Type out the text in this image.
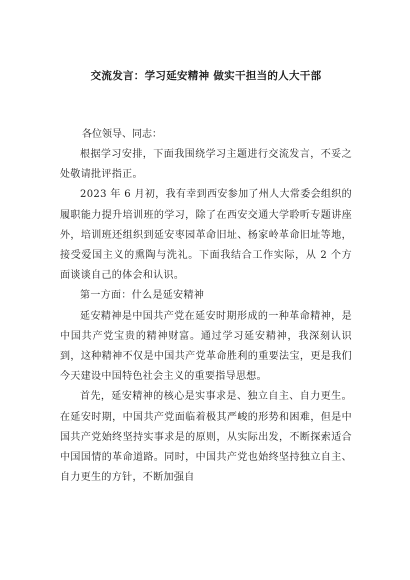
交流发言：学习延安精神 做实干担当的人大干部
各位领导、同志：

根据学习安排，下面我围绕学习主题进行交流发言，不妥之处敬请批评指正。

2023 年 6 月初，我有幸到西安参加了州人大常委会组织的履职能力提升培训班的学习，除了在西安交通大学聆听专题讲座外，培训班还组织到延安枣园革命旧址、杨家岭革命旧址等地，接受爱国主义的熏陶与洗礼。下面我结合工作实际，从 2 个方面谈谈自己的体会和认识。

第一方面：什么是延安精神

延安精神是中国共产党在延安时期形成的一种革命精神，是中国共产党宝贵的精神财富。通过学习延安精神，我深刻认识到，这种精神不仅是中国共产党革命胜利的重要法宝，更是我们今天建设中国特色社会主义的重要指导思想。

首先，延安精神的核心是实事求是、独立自主、自力更生。在延安时期，中国共产党面临着极其严峻的形势和困难，但是中国共产党始终坚持实事求是的原则，从实际出发，不断探索适合中国国情的革命道路。同时，中国共产党也始终坚持独立自主、自力更生的方针，不断加强自
